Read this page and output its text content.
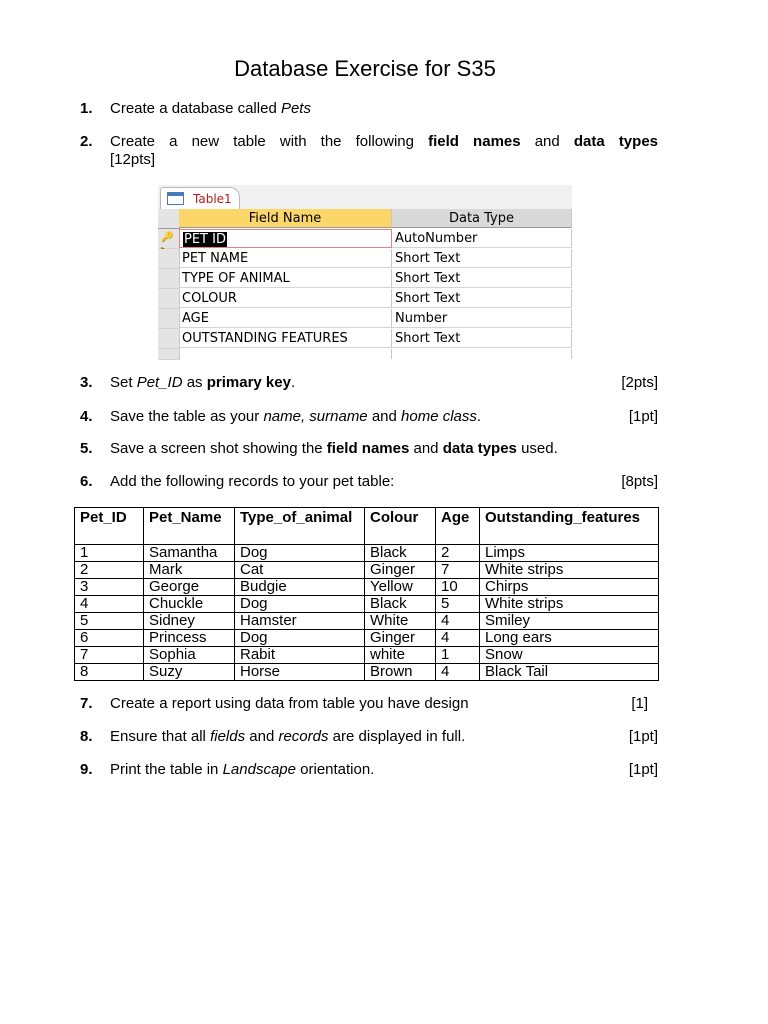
Database Exercise for S35
1. Create a database called Pets
2. Create a new table with the following field names and data types
[12pts]
Table1
Field Name	Data Type
🔑 PET ID	AutoNumber
PET NAME	Short Text
TYPE OF ANIMAL	Short Text
COLOUR	Short Text
AGE	Number
OUTSTANDING FEATURES	Short Text
3. Set Pet_ID as primary key.	[2pts]
4. Save the table as your name, surname and home class.	[1pt]
5. Save a screen shot showing the field names and data types used.
6. Add the following records to your pet table:	[8pts]
Pet_ID	Pet_Name	Type_of_animal	Colour	Age	Outstanding_features
1	Samantha	Dog	Black	2	Limps
2	Mark	Cat	Ginger	7	White strips
3	George	Budgie	Yellow	10	Chirps
4	Chuckle	Dog	Black	5	White strips
5	Sidney	Hamster	White	4	Smiley
6	Princess	Dog	Ginger	4	Long ears
7	Sophia	Rabit	white	1	Snow
8	Suzy	Horse	Brown	4	Black Tail
7. Create a report using data from table you have design	[1]
8. Ensure that all fields and records are displayed in full.	[1pt]
9. Print the table in Landscape orientation.	[1pt]
